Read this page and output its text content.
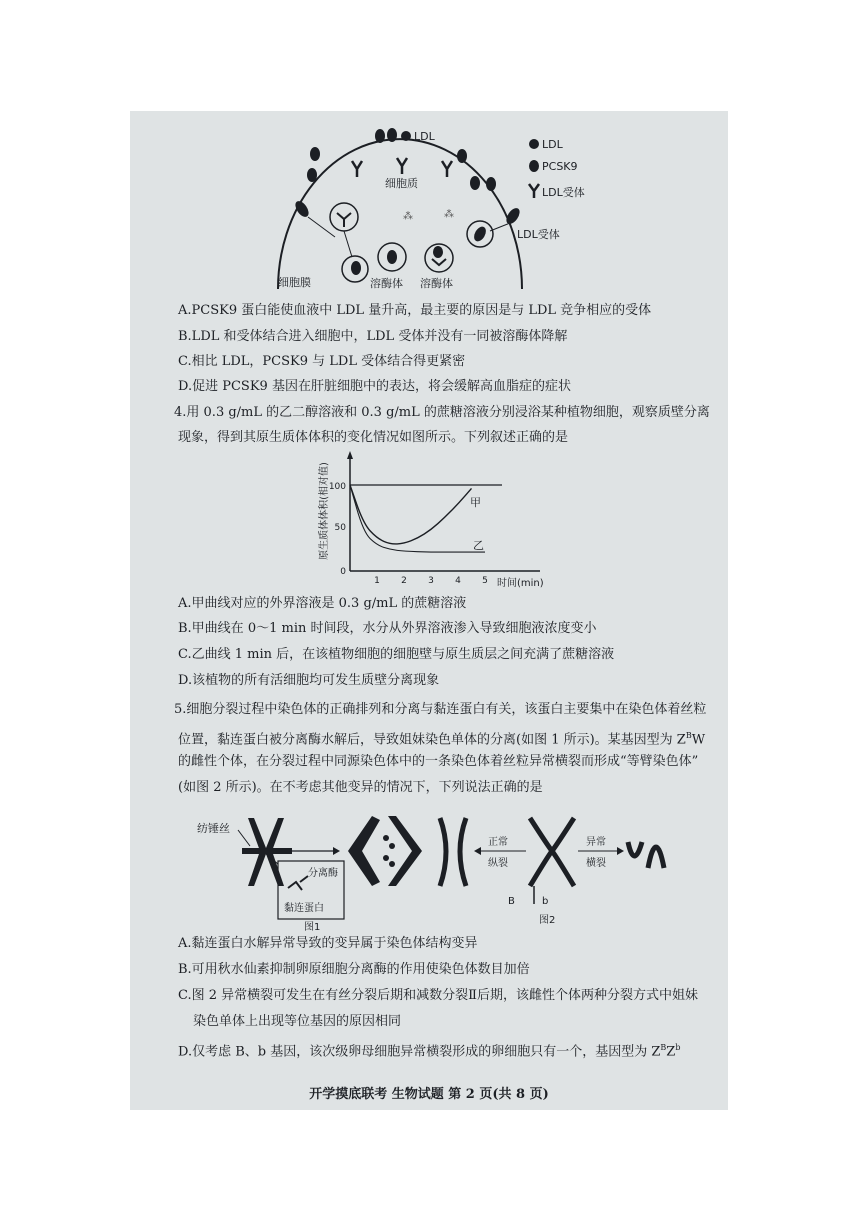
⁂	⁂
LDL
PCSK9
LDL受体
LDL
细胞质
LDL受体
细胞膜	溶酶体 溶酶体
A.PCSK9 蛋白能使血液中 LDL 量升高，最主要的原因是与 LDL 竞争相应的受体
B.LDL 和受体结合进入细胞中，LDL 受体并没有一同被溶酶体降解
C.相比 LDL，PCSK9 与 LDL 受体结合得更紧密
D.促进 PCSK9 基因在肝脏细胞中的表达，将会缓解高血脂症的症状
4.用 0.3 g/mL 的乙二醇溶液和 0.3 g/mL 的蔗糖溶液分别浸浴某种植物细胞，观察质壁分离
现象，得到其原生质体体积的变化情况如图所示。下列叙述正确的是
原生质体体积(相对值)
时间(min)
100
50
0
1 2 3 4 5
甲
乙
A.甲曲线对应的外界溶液是 0.3 g/mL 的蔗糖溶液
B.甲曲线在 0～1 min 时间段，水分从外界溶液渗入导致细胞液浓度变小
C.乙曲线 1 min 后，在该植物细胞的细胞壁与原生质层之间充满了蔗糖溶液
D.该植物的所有活细胞均可发生质壁分离现象
5.细胞分裂过程中染色体的正确排列和分离与黏连蛋白有关，该蛋白主要集中在染色体着丝粒
位置，黏连蛋白被分离酶水解后，导致姐妹染色单体的分离(如图 1 所示)。某基因型为 $Z^BW$
的雌性个体，在分裂过程中同源染色体中的一条染色体着丝粒异常横裂而形成“等臂染色体”
(如图 2 所示)。在不考虑其他变异的情况下，下列说法正确的是
纺锤丝
分离酶
黏连蛋白
图1
正常
纵裂
异常
横裂
B	b
图2
A.黏连蛋白水解异常导致的变异属于染色体结构变异
B.可用秋水仙素抑制卵原细胞分离酶的作用使染色体数目加倍
C.图 2 异常横裂可发生在有丝分裂后期和减数分裂Ⅱ后期，该雌性个体两种分裂方式中姐妹
染色单体上出现等位基因的原因相同
D.仅考虑 B、b 基因，该次级卵母细胞异常横裂形成的卵细胞只有一个，基因型为 $Z^BZ^b$
开学摸底联考 生物试题 第 2 页(共 8 页)
